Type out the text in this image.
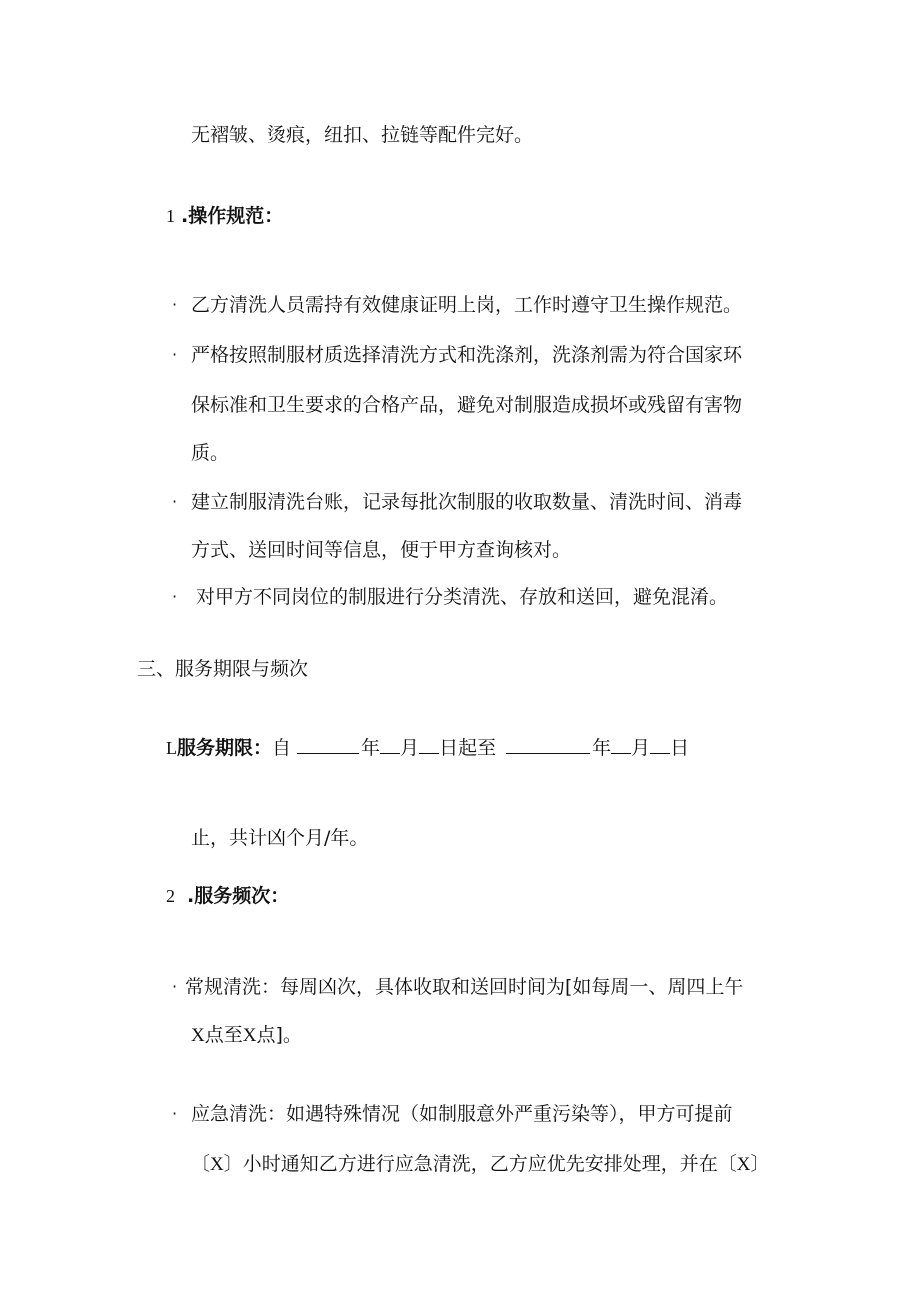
无褶皱、烫痕，纽扣、拉链等配件完好。
1 .操作规范：
· 乙方清洗人员需持有效健康证明上岗，工作时遵守卫生操作规范。
· 严格按照制服材质选择清洗方式和洗涤剂，洗涤剂需为符合国家环
保标准和卫生要求的合格产品，避免对制服造成损坏或残留有害物
质。
· 建立制服清洗台账，记录每批次制服的收取数量、清洗时间、消毒
方式、送回时间等信息，便于甲方查询核对。
· 对甲方不同岗位的制服进行分类清洗、存放和送回，避免混淆。
三、服务期限与频次
L服务期限：自	年 月 日起至	年 月 日
止，共计凶个月/年。
2 .服务频次：
· 常规清洗：每周凶次，具体收取和送回时间为[如每周一、周四上午
X点至X点]。
· 应急清洗：如遇特殊情况（如制服意外严重污染等），甲方可提前
〔X〕小时通知乙方进行应急清洗，乙方应优先安排处理，并在〔X〕
